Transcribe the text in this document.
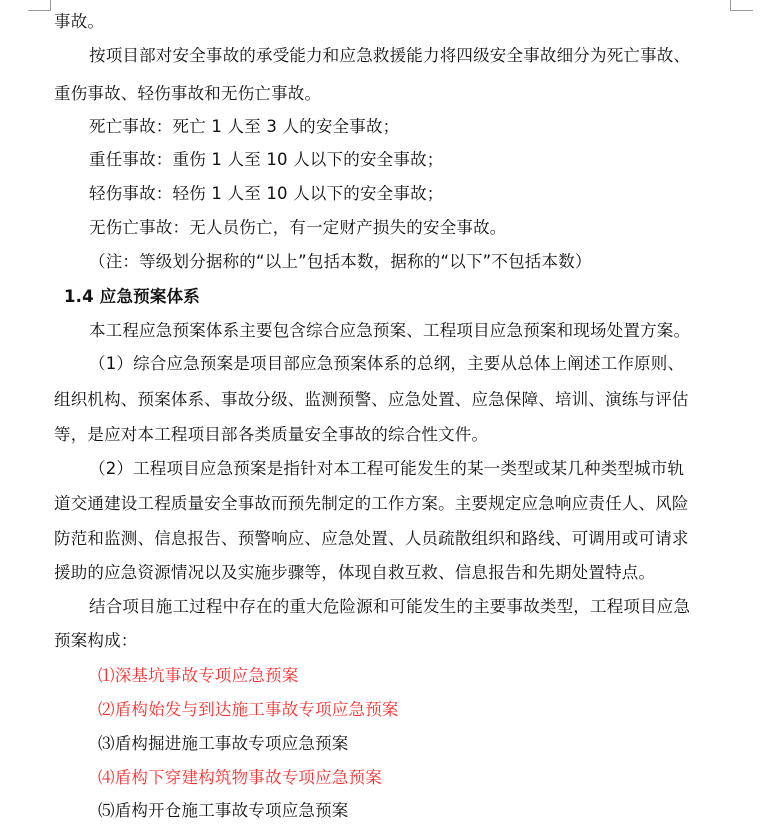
事故。
按项目部对安全事故的承受能力和应急救援能力将四级安全事故细分为死亡事故、
重伤事故、轻伤事故和无伤亡事故。
死亡事故：死亡 1 人至 3 人的安全事故；
重任事故：重伤 1 人至 10 人以下的安全事故；
轻伤事故：轻伤 1 人至 10 人以下的安全事故；
无伤亡事故：无人员伤亡，有一定财产损失的安全事故。
（注：等级划分据称的“以上”包括本数，据称的“以下”不包括本数）
1.4 应急预案体系
本工程应急预案体系主要包含综合应急预案、工程项目应急预案和现场处置方案。
（1）综合应急预案是项目部应急预案体系的总纲，主要从总体上阐述工作原则、
组织机构、预案体系、事故分级、监测预警、应急处置、应急保障、培训、演练与评估
等，是应对本工程项目部各类质量安全事故的综合性文件。
（2）工程项目应急预案是指针对本工程可能发生的某一类型或某几种类型城市轨
道交通建设工程质量安全事故而预先制定的工作方案。主要规定应急响应责任人、风险
防范和监测、信息报告、预警响应、应急处置、人员疏散组织和路线、可调用或可请求
援助的应急资源情况以及实施步骤等，体现自救互救、信息报告和先期处置特点。
结合项目施工过程中存在的重大危险源和可能发生的主要事故类型，工程项目应急
预案构成：
⑴深基坑事故专项应急预案
⑵盾构始发与到达施工事故专项应急预案
⑶盾构掘进施工事故专项应急预案
⑷盾构下穿建构筑物事故专项应急预案
⑸盾构开仓施工事故专项应急预案
